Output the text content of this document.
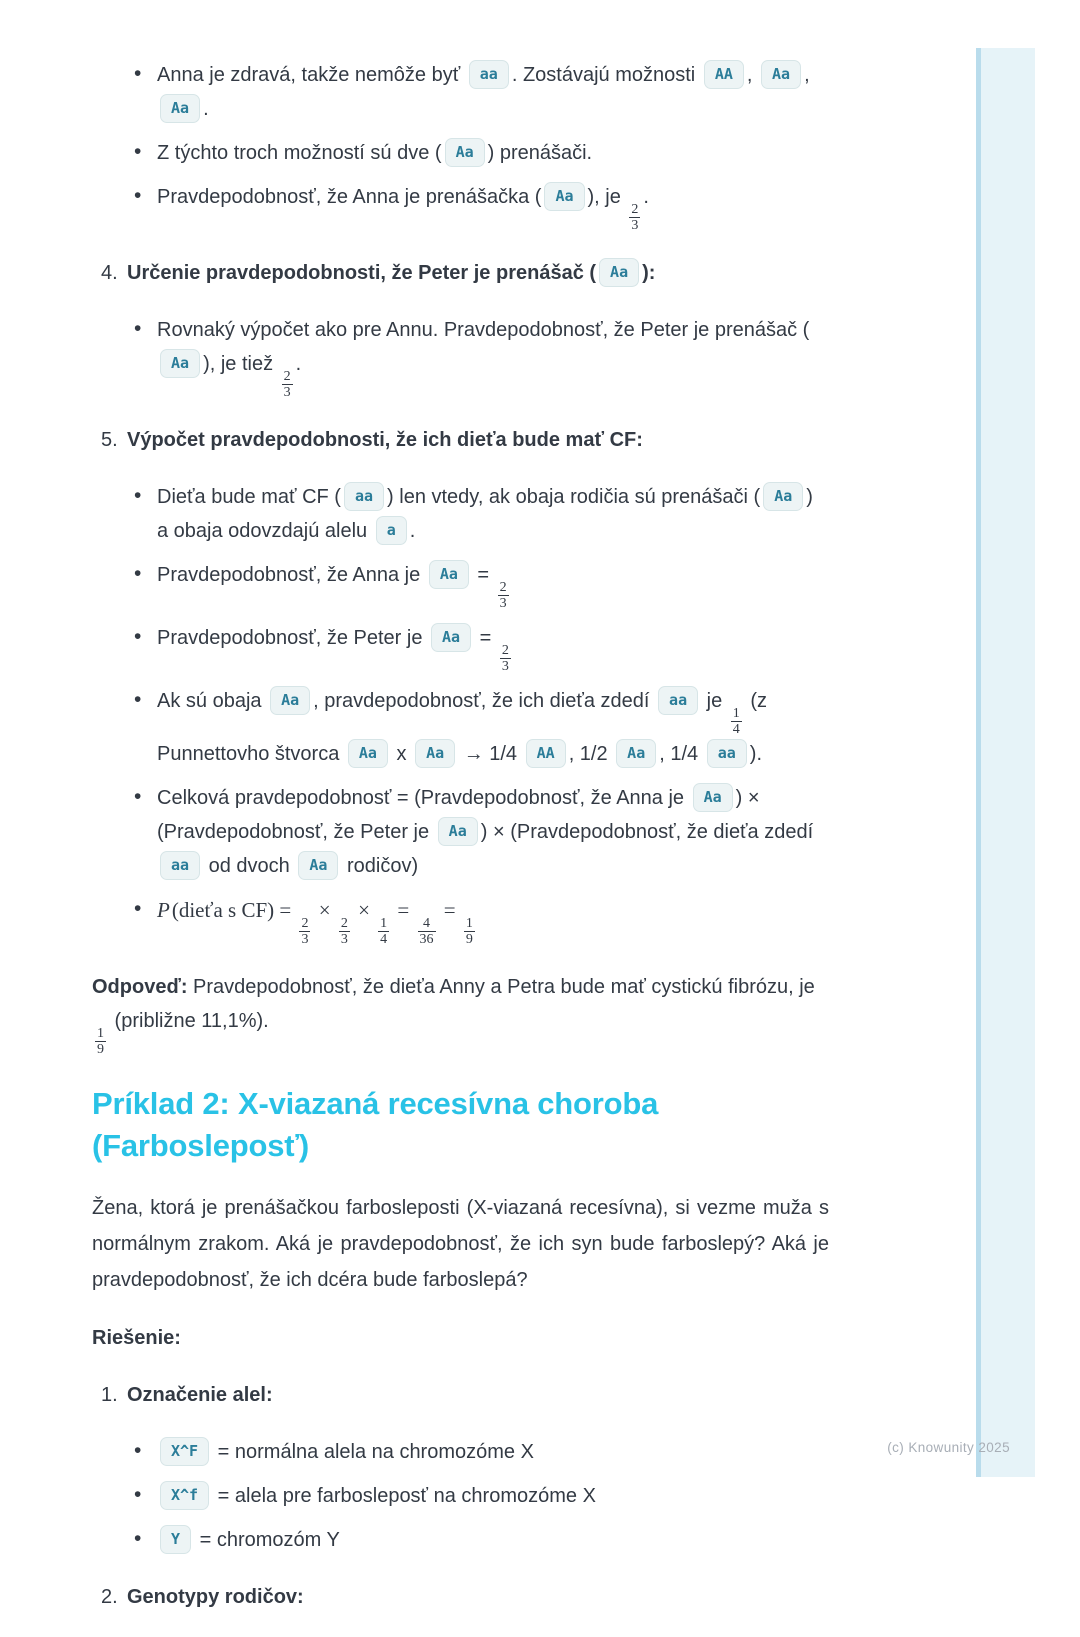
• Anna je zdravá, takže nemôže byť aa . Zostávajú možnosti AA , Aa , Aa .
• Z týchto troch možností sú dve ( Aa ) prenášači.
• Pravdepodobnosť, že Anna je prenášačka ( Aa ), je
$\frac{2}{3}$
.
4. Určenie pravdepodobnosti, že Peter je prenášač ( Aa ):
• Rovnaký výpočet ako pre Annu. Pravdepodobnosť, že Peter je prenášač (Aa ), je tiež
$\frac{2}{3}$
.
5. Výpočet pravdepodobnosti, že ich dieťa bude mať CF:
• Dieťa bude mať CF ( aa ) len vtedy, ak obaja rodičia sú prenášači ( Aa ) a obaja odovzdajú alelu a .
• Pravdepodobnosť, že Anna je Aa =
$\frac{2}{3}$
• Pravdepodobnosť, že Peter je Aa =
$\frac{2}{3}$
• Ak sú obaja Aa , pravdepodobnosť, že ich dieťa zdedí aa je
$\frac{1}{4}$
(z Punnettovho štvorca Aa x Aa → 1/4 AA , 1/2 Aa , 1/4 aa ).
• Celková pravdepodobnosť = (Pravdepodobnosť, že Anna je Aa ) × (Pravdepodobnosť, že Peter je Aa ) × (Pravdepodobnosť, že dieťa zdedí aa od dvoch Aa rodičov)
• P(dieťa s CF) =
$\frac{2}{3}$
×
$\frac{2}{3}$
×
$\frac{1}{4}$
=
$\frac{4}{36}$
=
$\frac{1}{9}$

Odpoveď: Pravdepodobnosť, že dieťa Anny a Petra bude mať cystickú fibrózu, je
$\frac{1}{9}$
(približne 11,1%).

Príklad 2: X-viazaná recesívna choroba (Farbosleposť)

Žena, ktorá je prenášačkou farbosleposti (X-viazaná recesívna), si vezme muža s normálnym zrakom. Aká je pravdepodobnosť, že ich syn bude farboslepý? Aká je pravdepodobnosť, že ich dcéra bude farboslepá?

Riešenie:

1. Označenie alel:
• X^F = normálna alela na chromozóme X
• X^f = alela pre farbosleposť na chromozóme X
• Y = chromozóm Y
2. Genotypy rodičov:
(c) Knowunity 2025
